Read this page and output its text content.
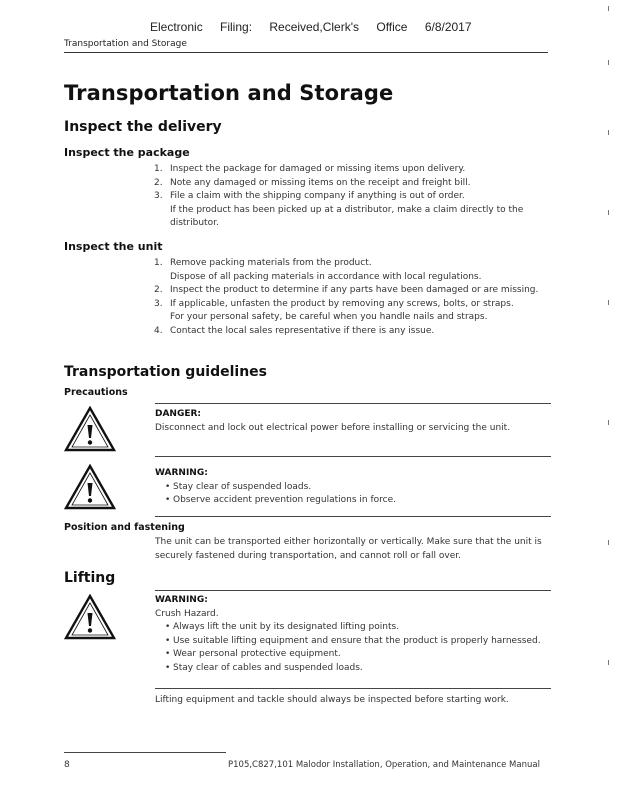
Electronic Filing: Received,Clerk's Office 6/8/2017
Transportation and Storage
Transportation and Storage
Inspect the delivery
Inspect the package
1. Inspect the package for damaged or missing items upon delivery.
2. Note any damaged or missing items on the receipt and freight bill.
3. File a claim with the shipping company if anything is out of order.
If the product has been picked up at a distributor, make a claim directly to the distributor.
Inspect the unit
1. Remove packing materials from the product.
Dispose of all packing materials in accordance with local regulations.
2. Inspect the product to determine if any parts have been damaged or are missing.
3. If applicable, unfasten the product by removing any screws, bolts, or straps.
For your personal safety, be careful when you handle nails and straps.
4. Contact the local sales representative if there is any issue.
Transportation guidelines
Precautions
DANGER:
Disconnect and lock out electrical power before installing or servicing the unit.
WARNING:
• Stay clear of suspended loads.
• Observe accident prevention regulations in force.
Position and fastening
The unit can be transported either horizontally or vertically. Make sure that the unit is securely fastened during transportation, and cannot roll or fall over.
Lifting
WARNING:
Crush Hazard.
• Always lift the unit by its designated lifting points.
• Use suitable lifting equipment and ensure that the product is properly harnessed.
• Wear personal protective equipment.
• Stay clear of cables and suspended loads.
Lifting equipment and tackle should always be inspected before starting work.
8	P105,C827,101 Malodor Installation, Operation, and Maintenance Manual
